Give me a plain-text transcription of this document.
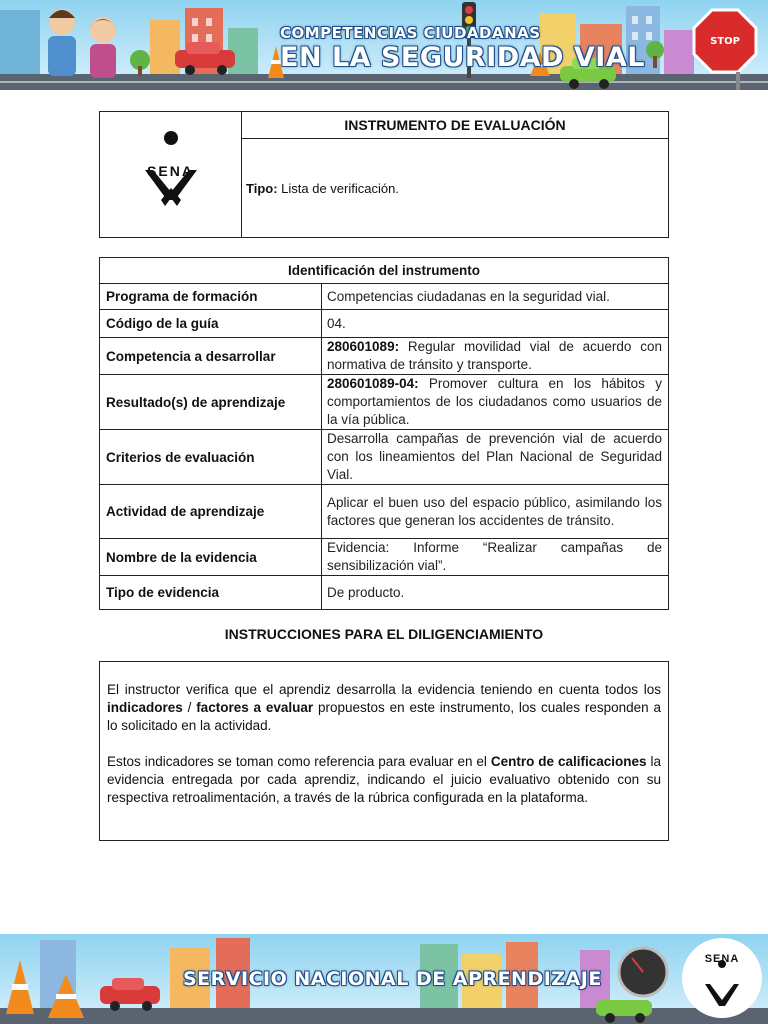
COMPETENCIAS CIUDADANAS
EN LA SEGURIDAD VIAL
STOP
SENA
	INSTRUMENTO DE EVALUACIÓN
Tipo: Lista de verificación.
Identificación del instrumento	
Programa de formación	Competencias ciudadanas en la seguridad vial.
Código de la guía	04.
Competencia a desarrollar	280601089: Regular movilidad vial de acuerdo con normativa de tránsito y transporte.
Resultado(s) de aprendizaje	280601089-04: Promover cultura en los hábitos y comportamientos de los ciudadanos como usuarios de la vía pública.
Criterios de evaluación	Desarrolla campañas de prevención vial de acuerdo con los lineamientos del Plan Nacional de Seguridad Vial.
Actividad de aprendizaje	Aplicar el buen uso del espacio público, asimilando los factores que generan los accidentes de tránsito.
Nombre de la evidencia	Evidencia: Informe “Realizar campañas de sensibilización vial”.
Tipo de evidencia	De producto.
INSTRUCCIONES PARA EL DILIGENCIAMIENTO

El instructor verifica que el aprendiz desarrolla la evidencia teniendo en cuenta todos los indicadores / factores a evaluar propuestos en este instrumento, los cuales responden a lo solicitado en la actividad.

Estos indicadores se toman como referencia para evaluar en el Centro de calificaciones la evidencia entregada por cada aprendiz, indicando el juicio evaluativo obtenido con su respectiva retroalimentación, a través de la rúbrica configurada en la plataforma.

SENA
SERVICIO NACIONAL DE APRENDIZAJE
